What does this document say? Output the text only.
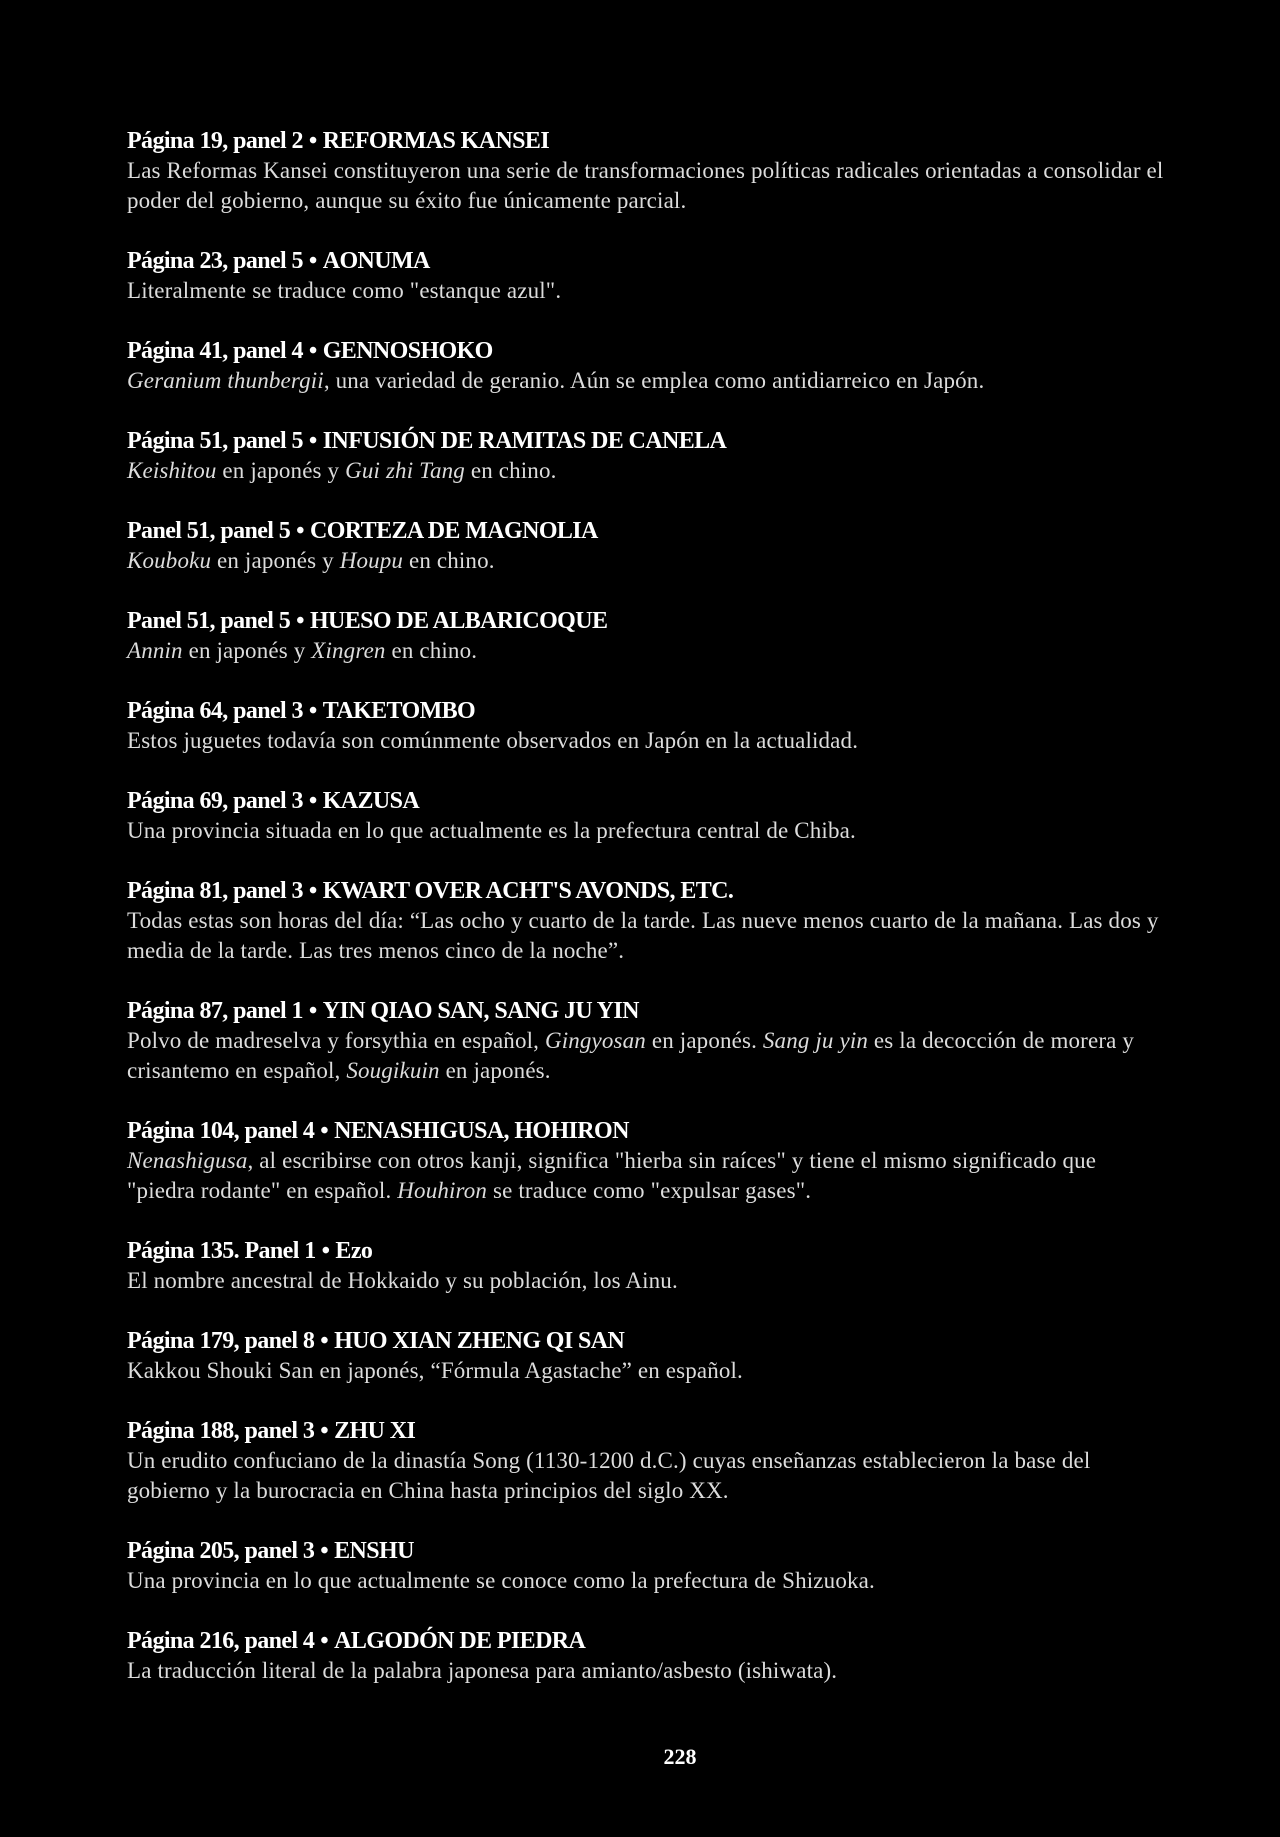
Página 19, panel 2 • REFORMAS KANSEI
Las Reformas Kansei constituyeron una serie de transformaciones políticas radicales orientadas a consolidar el poder del gobierno, aunque su éxito fue únicamente parcial.
Página 23, panel 5 • AONUMA
Literalmente se traduce como "estanque azul".
Página 41, panel 4 • GENNOSHOKO
Geranium thunbergii, una variedad de geranio. Aún se emplea como antidiarreico en Japón.
Página 51, panel 5 • INFUSIÓN DE RAMITAS DE CANELA
Keishitou en japonés y Gui zhi Tang en chino.
Panel 51, panel 5 • CORTEZA DE MAGNOLIA
Kouboku en japonés y Houpu en chino.
Panel 51, panel 5 • HUESO DE ALBARICOQUE
Annin en japonés y Xingren en chino.
Página 64, panel 3 • TAKETOMBO
Estos juguetes todavía son comúnmente observados en Japón en la actualidad.
Página 69, panel 3 • KAZUSA
Una provincia situada en lo que actualmente es la prefectura central de Chiba.
Página 81, panel 3 • KWART OVER ACHT'S AVONDS, ETC.
Todas estas son horas del día: “Las ocho y cuarto de la tarde. Las nueve menos cuarto de la mañana. Las dos y media de la tarde. Las tres menos cinco de la noche”.
Página 87, panel 1 • YIN QIAO SAN, SANG JU YIN
Polvo de madreselva y forsythia en español, Gingyosan en japonés. Sang ju yin es la decocción de morera y crisantemo en español, Sougikuin en japonés.
Página 104, panel 4 • NENASHIGUSA, HOHIRON
Nenashigusa, al escribirse con otros kanji, significa "hierba sin raíces" y tiene el mismo significado que "piedra rodante" en español. Houhiron se traduce como "expulsar gases".
Página 135. Panel 1 • Ezo
El nombre ancestral de Hokkaido y su población, los Ainu.
Página 179, panel 8 • HUO XIAN ZHENG QI SAN
Kakkou Shouki San en japonés, “Fórmula Agastache” en español.
Página 188, panel 3 • ZHU XI
Un erudito confuciano de la dinastía Song (1130-1200 d.C.) cuyas enseñanzas establecieron la base del gobierno y la burocracia en China hasta principios del siglo XX.
Página 205, panel 3 • ENSHU
Una provincia en lo que actualmente se conoce como la prefectura de Shizuoka.
Página 216, panel 4 • ALGODÓN DE PIEDRA
La traducción literal de la palabra japonesa para amianto/asbesto (ishiwata).
228
